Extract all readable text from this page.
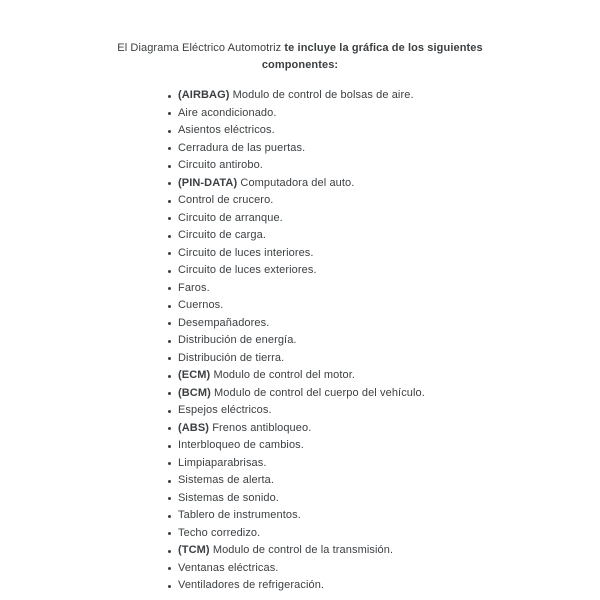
El Diagrama Eléctrico Automotriz te incluye la gráfica de los siguientes
componentes:
(AIRBAG) Modulo de control de bolsas de aire.
Aire acondicionado.
Asientos eléctricos.
Cerradura de las puertas.
Circuito antirobo.
(PIN-DATA) Computadora del auto.
Control de crucero.
Circuito de arranque.
Circuito de carga.
Circuito de luces interiores.
Circuito de luces exteriores.
Faros.
Cuernos.
Desempañadores.
Distribución de energía.
Distribución de tierra.
(ECM) Modulo de control del motor.
(BCM) Modulo de control del cuerpo del vehículo.
Espejos eléctricos.
(ABS) Frenos antibloqueo.
Interbloqueo de cambios.
Limpiaparabrisas.
Sistemas de alerta.
Sistemas de sonido.
Tablero de instrumentos.
Techo corredizo.
(TCM) Modulo de control de la transmisión.
Ventanas eléctricas.
Ventiladores de refrigeración.
